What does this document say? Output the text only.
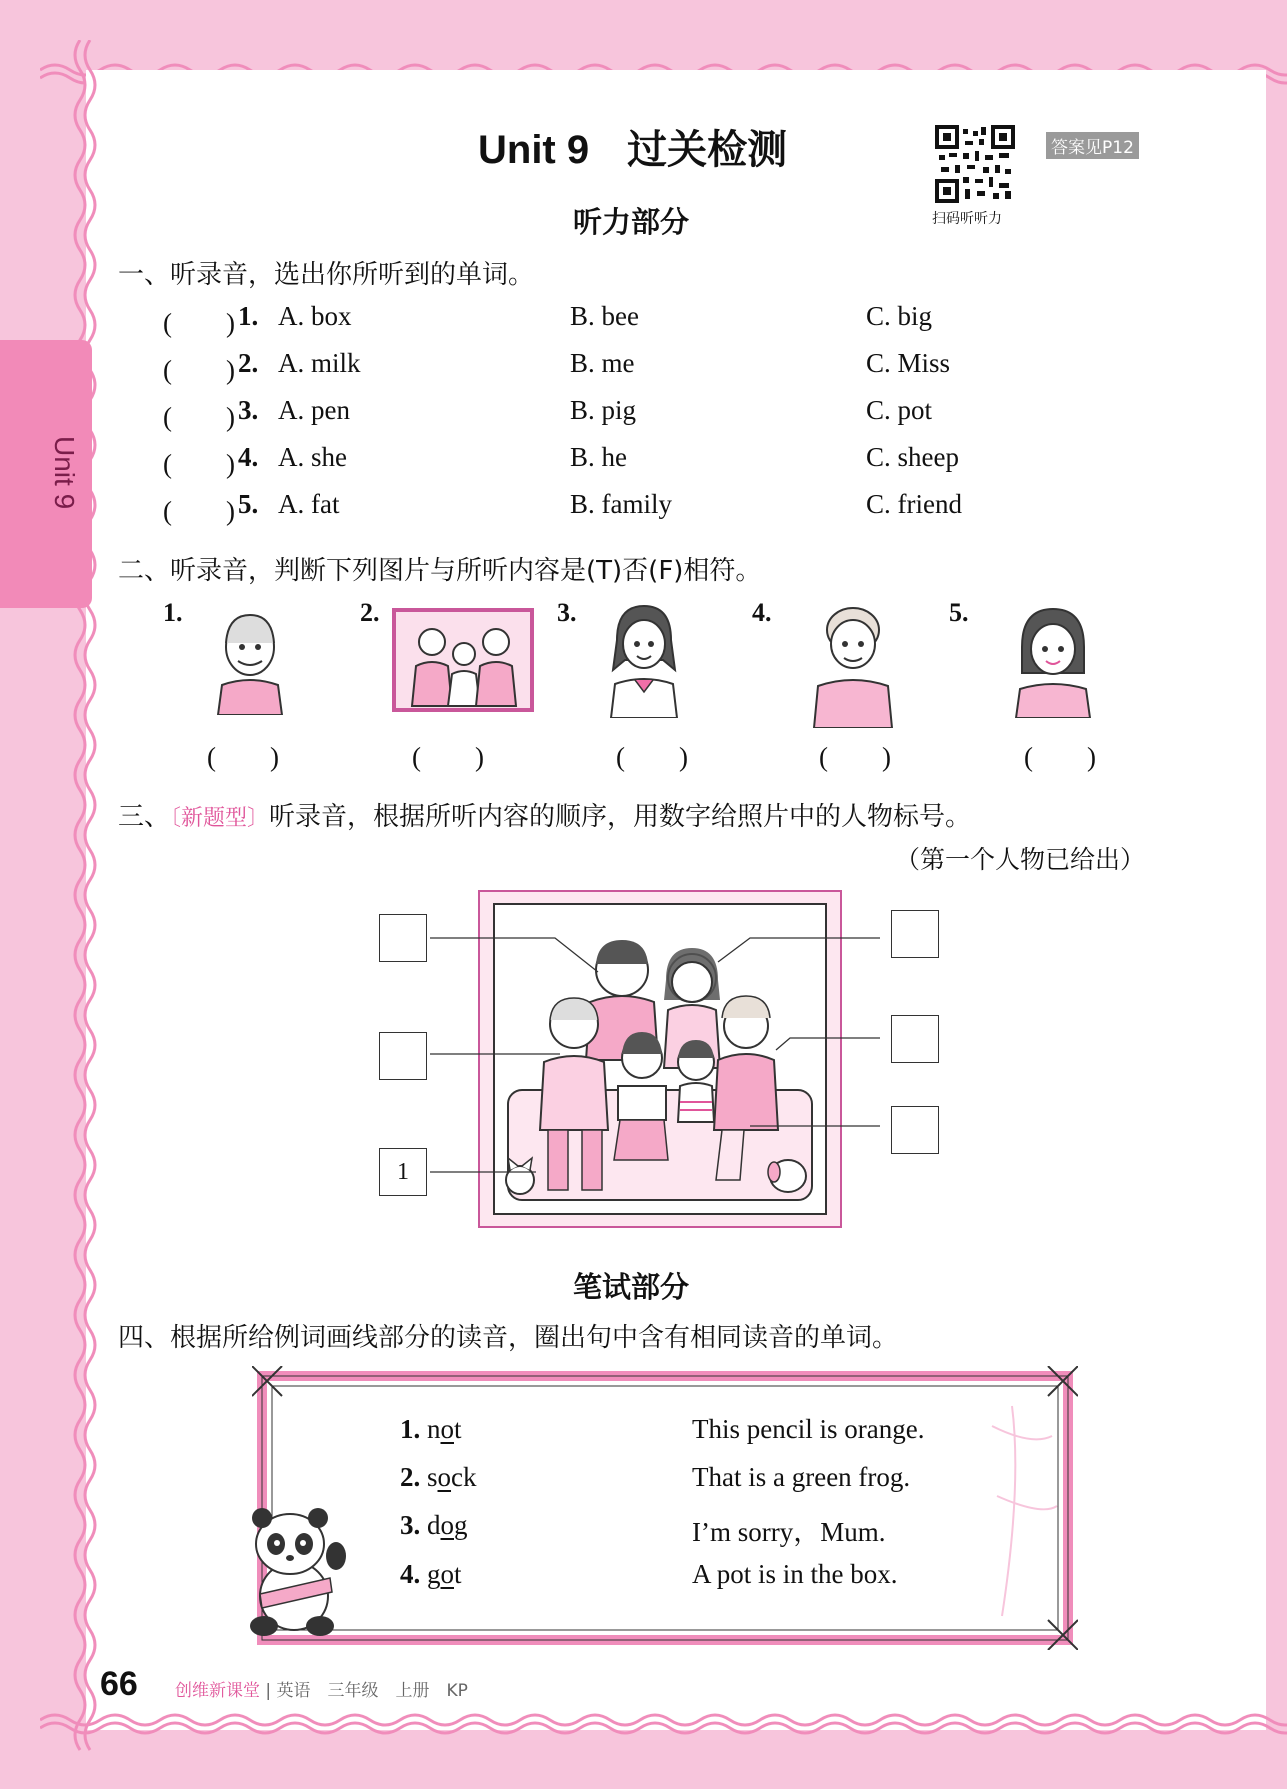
Unit 9
Unit 9 过关检测
扫码听听力
答案见P12
听力部分
一、听录音，选出你所听到的单词。
(　　) 1. A. box	B. bee	C. big
(　　) 2. A. milk	B. me	C. Miss
(　　) 3. A. pen	B. pig	C. pot
(　　) 4. A. she	B. he	C. sheep
(　　) 5. A. fat	B. family	C. friend
二、听录音，判断下列图片与所听内容是(T)否(F)相符。
1.	2.	3.	4.	5.
(　　)	(　　)	(　　)	(　　)	(　　)
三、〔新题型〕听录音，根据所听内容的顺序，用数字给照片中的人物标号。
（第一个人物已给出）
1
笔试部分
四、根据所给例词画线部分的读音，圈出句中含有相同读音的单词。
1. not	This pencil is orange.
2. sock	That is a green frog.
3. dog	I’m sorry，Mum.
4. got	A pot is in the box.
66 创维新课堂 | 英语　三年级　上册　KP
